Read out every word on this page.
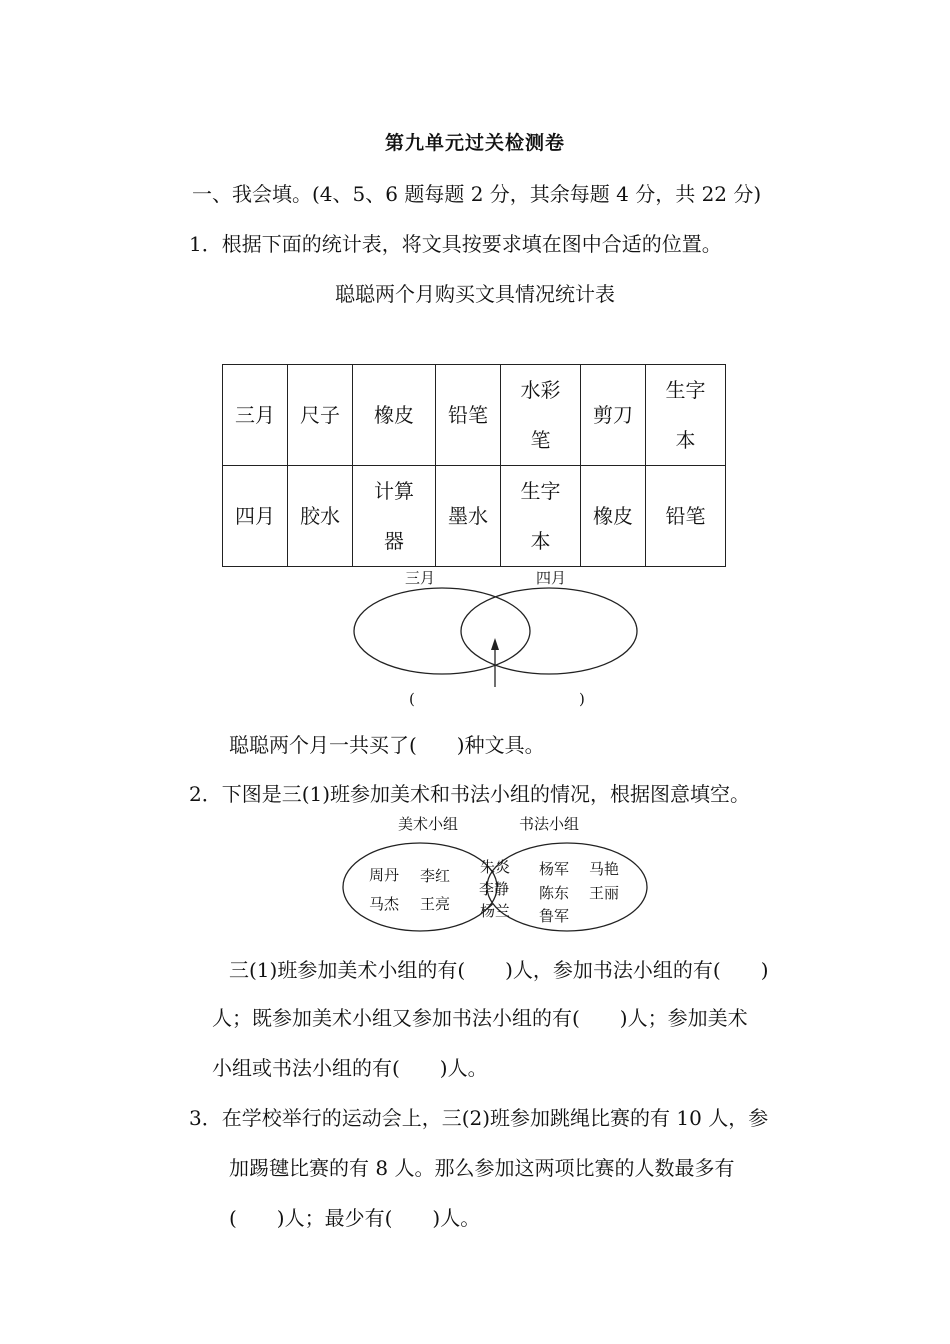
第九单元过关检测卷
一、我会填。(4、5、6 题每题 2 分，其余每题 4 分，共 22 分)
1．根据下面的统计表，将文具按要求填在图中合适的位置。
聪聪两个月购买文具情况统计表
三月	尺子	橡皮	铅笔	水彩笔	剪刀	生字本
四月	胶水	计算器	墨水	生字本	橡皮	铅笔
三月	四月
(	)
聪聪两个月一共买了(　　)种文具。
2．下图是三(1)班参加美术和书法小组的情况，根据图意填空。
美术小组	书法小组
周丹 李红
马杰 王亮
朱炎
李静
杨兰
杨军 马艳
陈东 王丽
鲁军
三(1)班参加美术小组的有(　　)人，参加书法小组的有(　　)
人；既参加美术小组又参加书法小组的有(　　)人；参加美术
小组或书法小组的有(　　)人。
3．在学校举行的运动会上，三(2)班参加跳绳比赛的有 10 人，参
加踢毽比赛的有 8 人。那么参加这两项比赛的人数最多有
(　　)人；最少有(　　)人。
